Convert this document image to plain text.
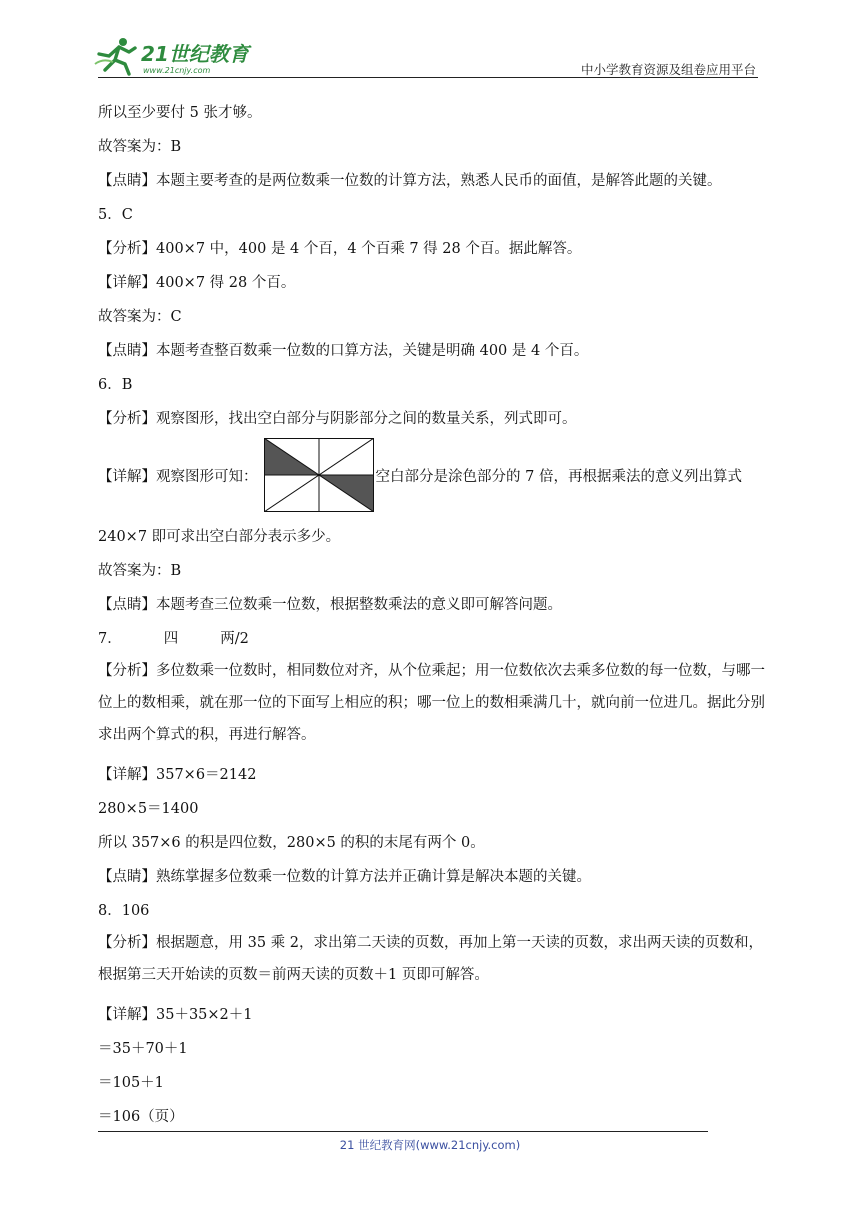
21世纪教育
www.21cnjy.com	中小学教育资源及组卷应用平台

所以至少要付 5 张才够。

故答案为：B

【点睛】本题主要考查的是两位数乘一位数的计算方法，熟悉人民币的面值，是解答此题的关键。

5．C

【分析】400×7 中，400 是 4 个百，4 个百乘 7 得 28 个百。据此解答。

【详解】400×7 得 28 个百。

故答案为：C

【点睛】本题考查整百数乘一位数的口算方法，关键是明确 400 是 4 个百。

6．B

【分析】观察图形，找出空白部分与阴影部分之间的数量关系，列式即可。

【详解】观察图形可知：	空白部分是涂色部分的 7 倍，再根据乘法的意义列出算式

240×7 即可求出空白部分表示多少。

故答案为：B

【点睛】本题考查三位数乘一位数，根据整数乘法的意义即可解答问题。

7．	四	两/2

【分析】多位数乘一位数时，相同数位对齐，从个位乘起；用一位数依次去乘多位数的每一位数，与哪一位上的数相乘，就在那一位的下面写上相应的积；哪一位上的数相乘满几十，就向前一位进几。据此分别求出两个算式的积，再进行解答。

【详解】357×6＝2142

280×5＝1400

所以 357×6 的积是四位数，280×5 的积的末尾有两个 0。

【点睛】熟练掌握多位数乘一位数的计算方法并正确计算是解决本题的关键。

8．106

【分析】根据题意，用 35 乘 2，求出第二天读的页数，再加上第一天读的页数，求出两天读的页数和，根据第三天开始读的页数＝前两天读的页数＋1 页即可解答。

【详解】35＋35×2＋1

＝35＋70＋1

＝105＋1

＝106（页）

21 世纪教育网(www.21cnjy.com)
